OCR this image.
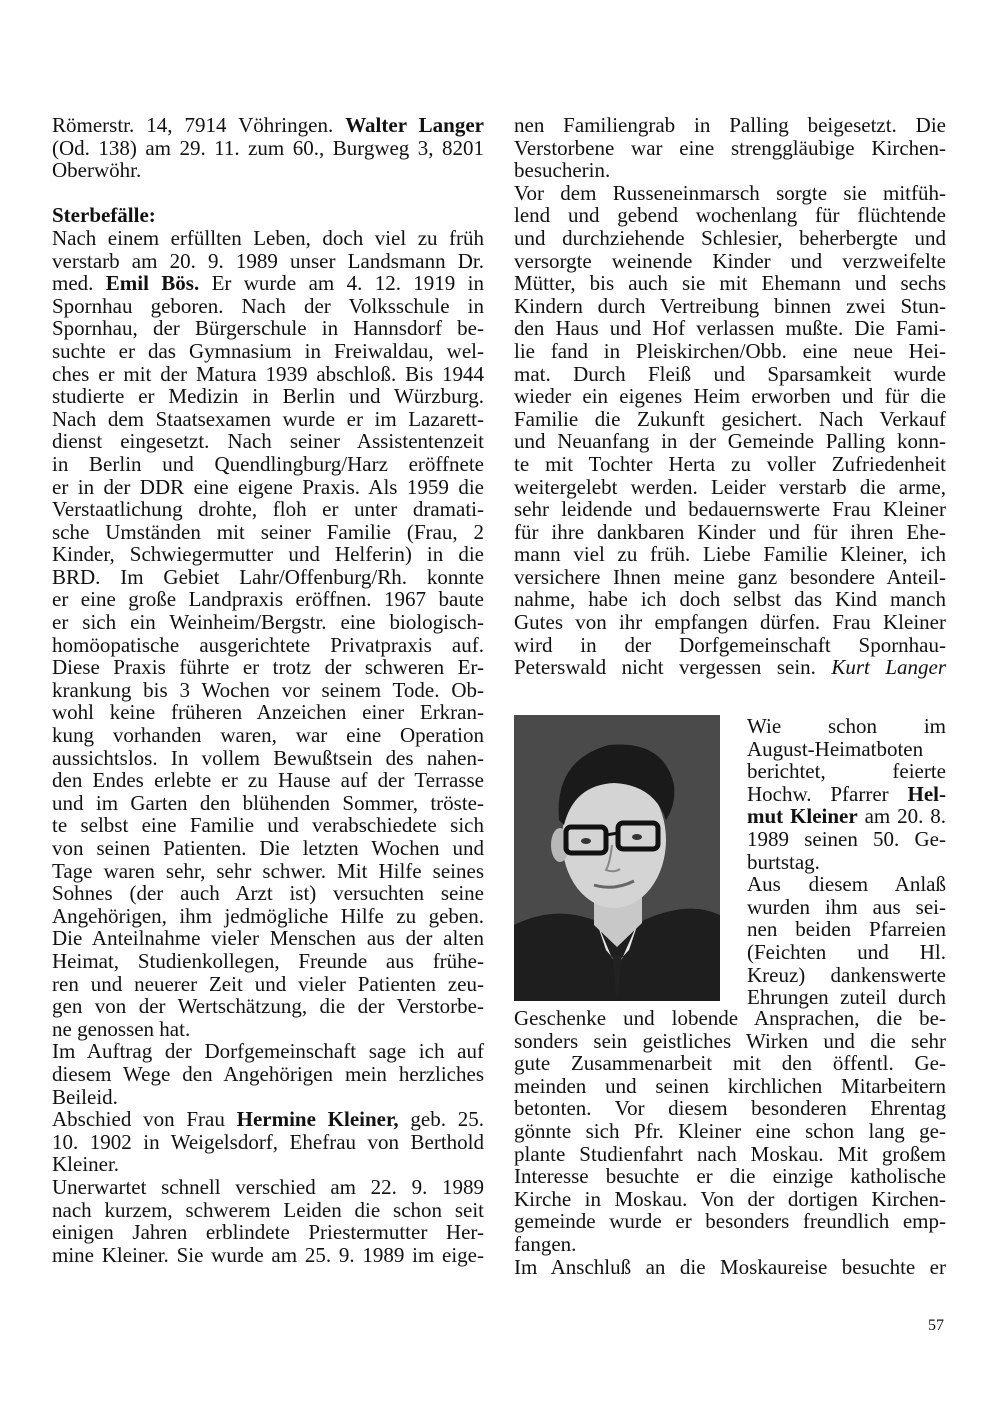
Römerstr. 14, 7914 Vöhringen. Walter Langer
(Od. 138) am 29. 11. zum 60., Burgweg 3, 8201
Oberwöhr.
Sterbefälle:
Nach einem erfüllten Leben, doch viel zu früh
verstarb am 20. 9. 1989 unser Landsmann Dr.
med. Emil Bös. Er wurde am 4. 12. 1919 in
Spornhau geboren. Nach der Volksschule in
Spornhau, der Bürgerschule in Hannsdorf be-
suchte er das Gymnasium in Freiwaldau, wel-
ches er mit der Matura 1939 abschloß. Bis 1944
studierte er Medizin in Berlin und Würzburg.
Nach dem Staatsexamen wurde er im Lazarett-
dienst eingesetzt. Nach seiner Assistentenzeit
in Berlin und Quendlingburg/Harz eröffnete
er in der DDR eine eigene Praxis. Als 1959 die
Verstaatlichung drohte, floh er unter dramati-
sche Umständen mit seiner Familie (Frau, 2
Kinder, Schwiegermutter und Helferin) in die
BRD. Im Gebiet Lahr/Offenburg/Rh. konnte
er eine große Landpraxis eröffnen. 1967 baute
er sich ein Weinheim/Bergstr. eine biologisch-
homöopatische ausgerichtete Privatpraxis auf.
Diese Praxis führte er trotz der schweren Er-
krankung bis 3 Wochen vor seinem Tode. Ob-
wohl keine früheren Anzeichen einer Erkran-
kung vorhanden waren, war eine Operation
aussichtslos. In vollem Bewußtsein des nahen-
den Endes erlebte er zu Hause auf der Terrasse
und im Garten den blühenden Sommer, tröste-
te selbst eine Familie und verabschiedete sich
von seinen Patienten. Die letzten Wochen und
Tage waren sehr, sehr schwer. Mit Hilfe seines
Sohnes (der auch Arzt ist) versuchten seine
Angehörigen, ihm jedmögliche Hilfe zu geben.
Die Anteilnahme vieler Menschen aus der alten
Heimat, Studienkollegen, Freunde aus frühe-
ren und neuerer Zeit und vieler Patienten zeu-
gen von der Wertschätzung, die der Verstorbe-
ne genossen hat.
Im Auftrag der Dorfgemeinschaft sage ich auf
diesem Wege den Angehörigen mein herzliches
Beileid.
Abschied von Frau Hermine Kleiner, geb. 25.
10. 1902 in Weigelsdorf, Ehefrau von Berthold
Kleiner.
Unerwartet schnell verschied am 22. 9. 1989
nach kurzem, schwerem Leiden die schon seit
einigen Jahren erblindete Priestermutter Her-
mine Kleiner. Sie wurde am 25. 9. 1989 im eige-
nen Familiengrab in Palling beigesetzt. Die
Verstorbene war eine strenggläubige Kirchen-
besucherin.
Vor dem Russeneinmarsch sorgte sie mitfüh-
lend und gebend wochenlang für flüchtende
und durchziehende Schlesier, beherbergte und
versorgte weinende Kinder und verzweifelte
Mütter, bis auch sie mit Ehemann und sechs
Kindern durch Vertreibung binnen zwei Stun-
den Haus und Hof verlassen mußte. Die Fami-
lie fand in Pleiskirchen/Obb. eine neue Hei-
mat. Durch Fleiß und Sparsamkeit wurde
wieder ein eigenes Heim erworben und für die
Familie die Zukunft gesichert. Nach Verkauf
und Neuanfang in der Gemeinde Palling konn-
te mit Tochter Herta zu voller Zufriedenheit
weitergelebt werden. Leider verstarb die arme,
sehr leidende und bedauernswerte Frau Kleiner
für ihre dankbaren Kinder und für ihren Ehe-
mann viel zu früh. Liebe Familie Kleiner, ich
versichere Ihnen meine ganz besondere Anteil-
nahme, habe ich doch selbst das Kind manch
Gutes von ihr empfangen dürfen. Frau Kleiner
wird in der Dorfgemeinschaft Spornhau-
Peterswald nicht vergessen sein. Kurt Langer
Wie schon im
August-Heimatboten
berichtet, feierte
Hochw. Pfarrer Hel-
mut Kleiner am 20. 8.
1989 seinen 50. Ge-
burtstag.
Aus diesem Anlaß
wurden ihm aus sei-
nen beiden Pfarreien
(Feichten und Hl.
Kreuz) dankenswerte
Ehrungen zuteil durch
Geschenke und lobende Ansprachen, die be-
sonders sein geistliches Wirken und die sehr
gute Zusammenarbeit mit den öffentl. Ge-
meinden und seinen kirchlichen Mitarbeitern
betonten. Vor diesem besonderen Ehrentag
gönnte sich Pfr. Kleiner eine schon lang ge-
plante Studienfahrt nach Moskau. Mit großem
Interesse besuchte er die einzige katholische
Kirche in Moskau. Von der dortigen Kirchen-
gemeinde wurde er besonders freundlich emp-
fangen.
Im Anschluß an die Moskaureise besuchte er
57
